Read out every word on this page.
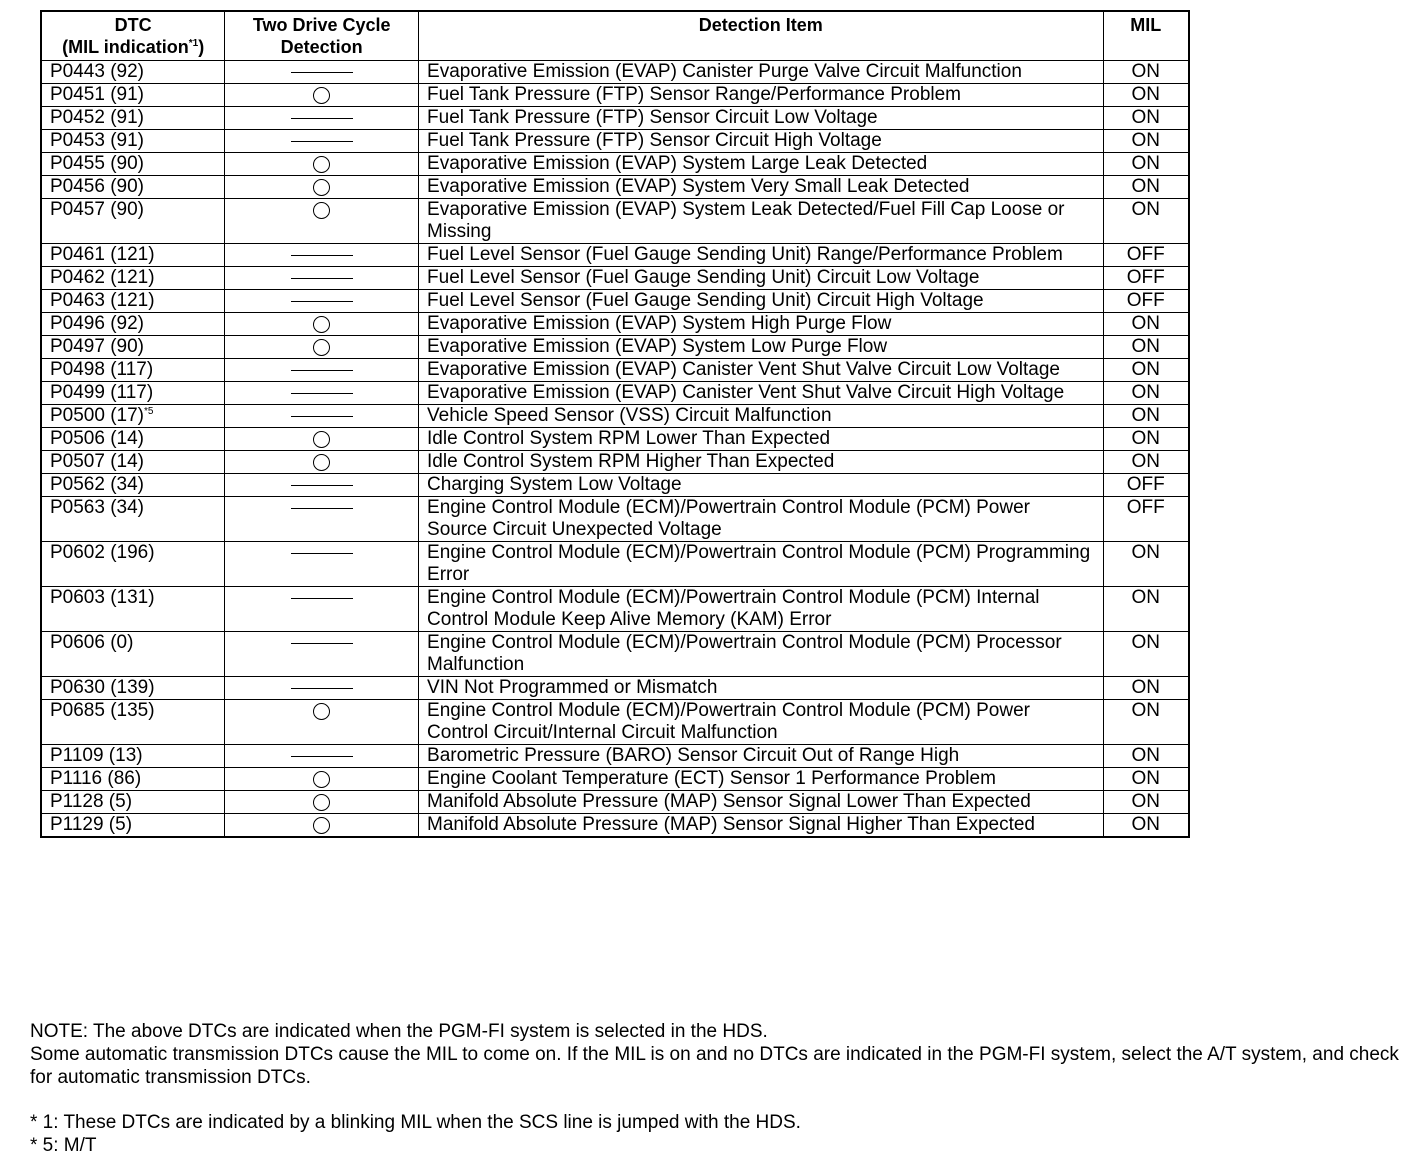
DTC
(MIL indication$^{*1}$)	Two Drive Cycle Detection	Detection Item	MIL
P0443 (92)		Evaporative Emission (EVAP) Canister Purge Valve Circuit Malfunction	ON
P0451 (91)		Fuel Tank Pressure (FTP) Sensor Range/Performance Problem	ON
P0452 (91)		Fuel Tank Pressure (FTP) Sensor Circuit Low Voltage	ON
P0453 (91)		Fuel Tank Pressure (FTP) Sensor Circuit High Voltage	ON
P0455 (90)		Evaporative Emission (EVAP) System Large Leak Detected	ON
P0456 (90)		Evaporative Emission (EVAP) System Very Small Leak Detected	ON
P0457 (90)		Evaporative Emission (EVAP) System Leak Detected/Fuel Fill Cap Loose or Missing	ON
P0461 (121)		Fuel Level Sensor (Fuel Gauge Sending Unit) Range/Performance Problem	OFF
P0462 (121)		Fuel Level Sensor (Fuel Gauge Sending Unit) Circuit Low Voltage	OFF
P0463 (121)		Fuel Level Sensor (Fuel Gauge Sending Unit) Circuit High Voltage	OFF
P0496 (92)		Evaporative Emission (EVAP) System High Purge Flow	ON
P0497 (90)		Evaporative Emission (EVAP) System Low Purge Flow	ON
P0498 (117)		Evaporative Emission (EVAP) Canister Vent Shut Valve Circuit Low Voltage	ON
P0499 (117)		Evaporative Emission (EVAP) Canister Vent Shut Valve Circuit High Voltage	ON
P0500 (17)$^{*5}$		Vehicle Speed Sensor (VSS) Circuit Malfunction	ON
P0506 (14)		Idle Control System RPM Lower Than Expected	ON
P0507 (14)		Idle Control System RPM Higher Than Expected	ON
P0562 (34)		Charging System Low Voltage	OFF
P0563 (34)		Engine Control Module (ECM)/Powertrain Control Module (PCM) Power Source Circuit Unexpected Voltage	OFF
P0602 (196)		Engine Control Module (ECM)/Powertrain Control Module (PCM) Programming Error	ON
P0603 (131)		Engine Control Module (ECM)/Powertrain Control Module (PCM) Internal Control Module Keep Alive Memory (KAM) Error	ON
P0606 (0)		Engine Control Module (ECM)/Powertrain Control Module (PCM) Processor Malfunction	ON
P0630 (139)		VIN Not Programmed or Mismatch	ON
P0685 (135)		Engine Control Module (ECM)/Powertrain Control Module (PCM) Power Control Circuit/Internal Circuit Malfunction	ON
P1109 (13)		Barometric Pressure (BARO) Sensor Circuit Out of Range High	ON
P1116 (86)		Engine Coolant Temperature (ECT) Sensor 1 Performance Problem	ON
P1128 (5)		Manifold Absolute Pressure (MAP) Sensor Signal Lower Than Expected	ON
P1129 (5)		Manifold Absolute Pressure (MAP) Sensor Signal Higher Than Expected	ON

NOTE: The above DTCs are indicated when the PGM-FI system is selected in the HDS.

Some automatic transmission DTCs cause the MIL to come on. If the MIL is on and no DTCs are indicated in the PGM-FI system, select the A/T system, and check for automatic transmission DTCs.

* 1: These DTCs are indicated by a blinking MIL when the SCS line is jumped with the HDS.

* 5: M/T
